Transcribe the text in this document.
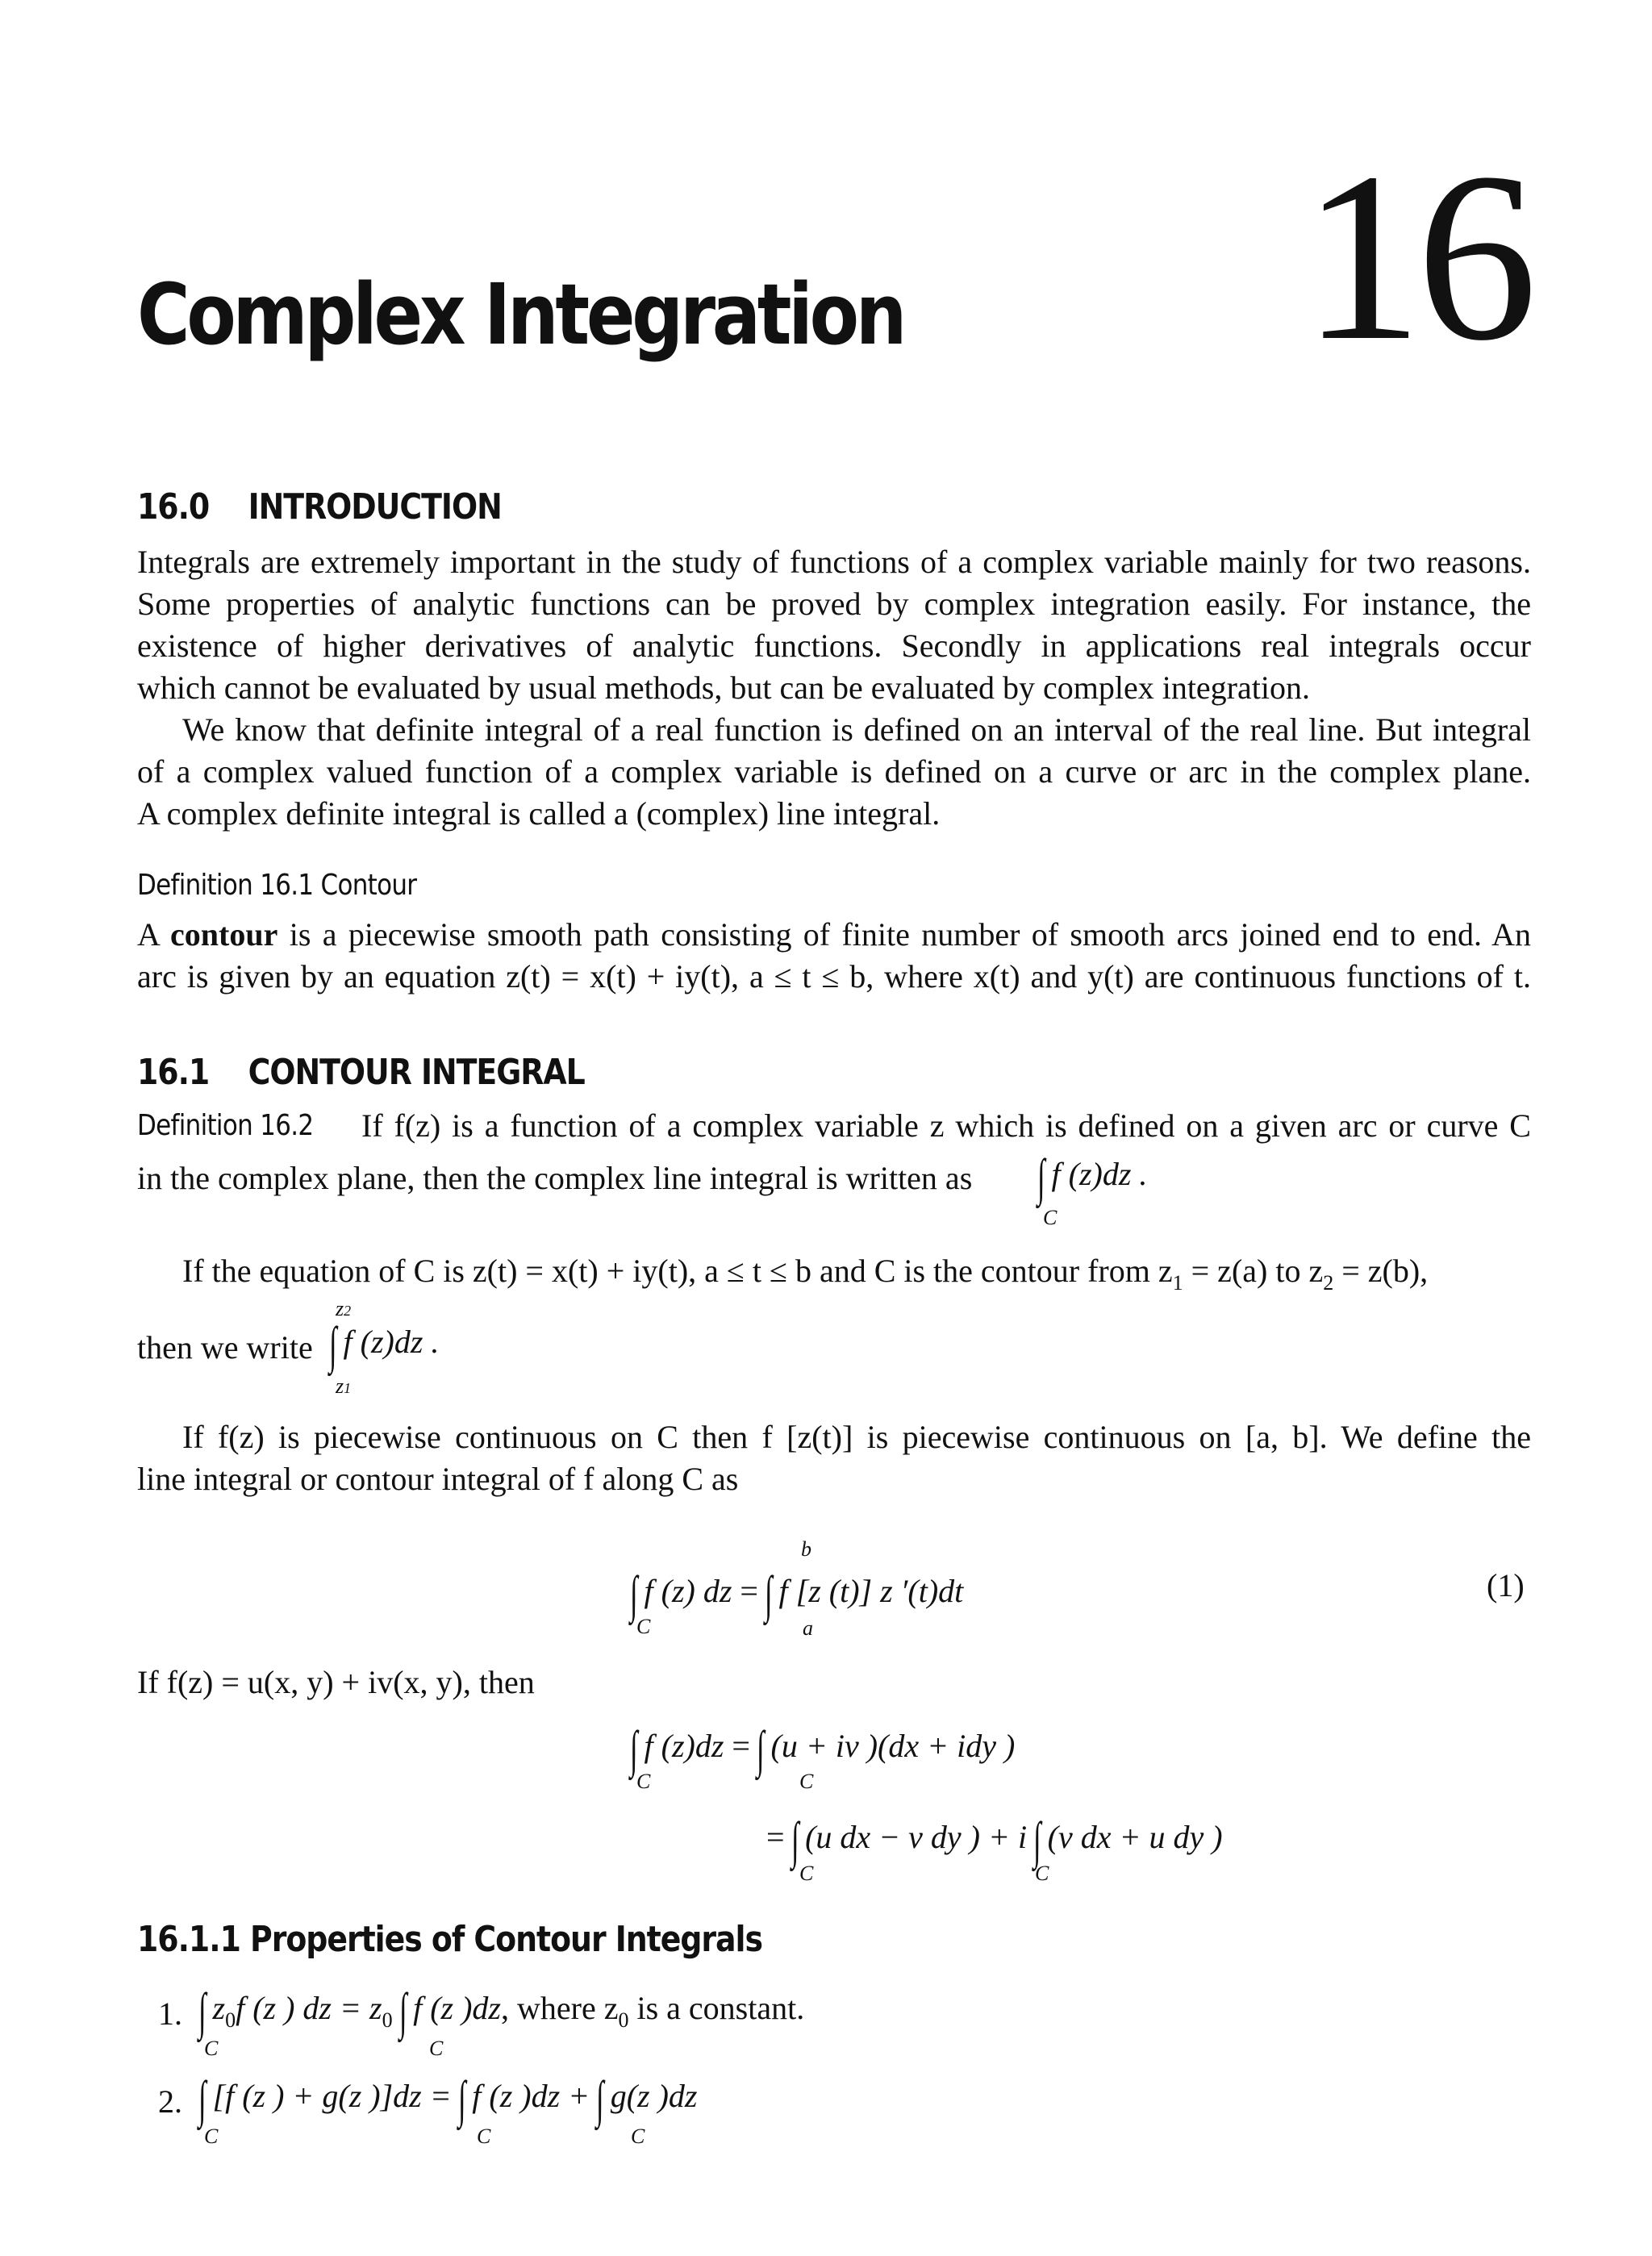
Complex Integration 16
16.0 INTRODUCTION
Integrals are extremely important in the study of functions of a complex variable mainly for two reasons.
Some properties of analytic functions can be proved by complex integration easily. For instance, the
existence of higher derivatives of analytic functions. Secondly in applications real integrals occur
which cannot be evaluated by usual methods, but can be evaluated by complex integration.
We know that definite integral of a real function is defined on an interval of the real line. But integral
of a complex valued function of a complex variable is defined on a curve or arc in the complex plane.
A complex definite integral is called a (complex) line integral.
Definition 16.1 Contour
A contour is a piecewise smooth path consisting of finite number of smooth arcs joined end to end. An
arc is given by an equation z(t) = x(t) + iy(t), a ≤ t ≤ b, where x(t) and y(t) are continuous functions of t.
16.1 CONTOUR INTEGRAL
Definition 16.2	If f(z) is a function of a complex variable z which is defined on a given arc or curve C
in the complex plane, then the complex line integral is written as ∫ f (z)dz .
C
If the equation of C is z(t) = x(t) + iy(t), a ≤ t ≤ b and C is the contour from $z_1 = z(a)$ to $z_2 = z(b)$,
then we write
z2
∫ f (z)dz .
z1
If f(z) is piecewise continuous on C then f [z(t)] is piecewise continuous on [a, b]. We define the
line integral or contour integral of f along C as
b
∫ f (z) dz = ∫ f [z (t)] z ′(t)dt
C	a
(1)
If f(z) = u(x, y) + iv(x, y), then
∫ f (z)dz = ∫ (u + iv )(dx + idy )
C	C
= ∫ (u dx − v dy ) + i ∫ (v dx + u dy )
C	C
16.1.1 Properties of Contour Integrals
1. ∫ $z_0f$ (z ) dz = $z_0$ ∫ f (z )dz, where $z_0$ is a constant.
C	C
2. ∫ [f (z ) + g(z )]dz = ∫ f (z )dz + ∫ g(z )dz
C	C	C
